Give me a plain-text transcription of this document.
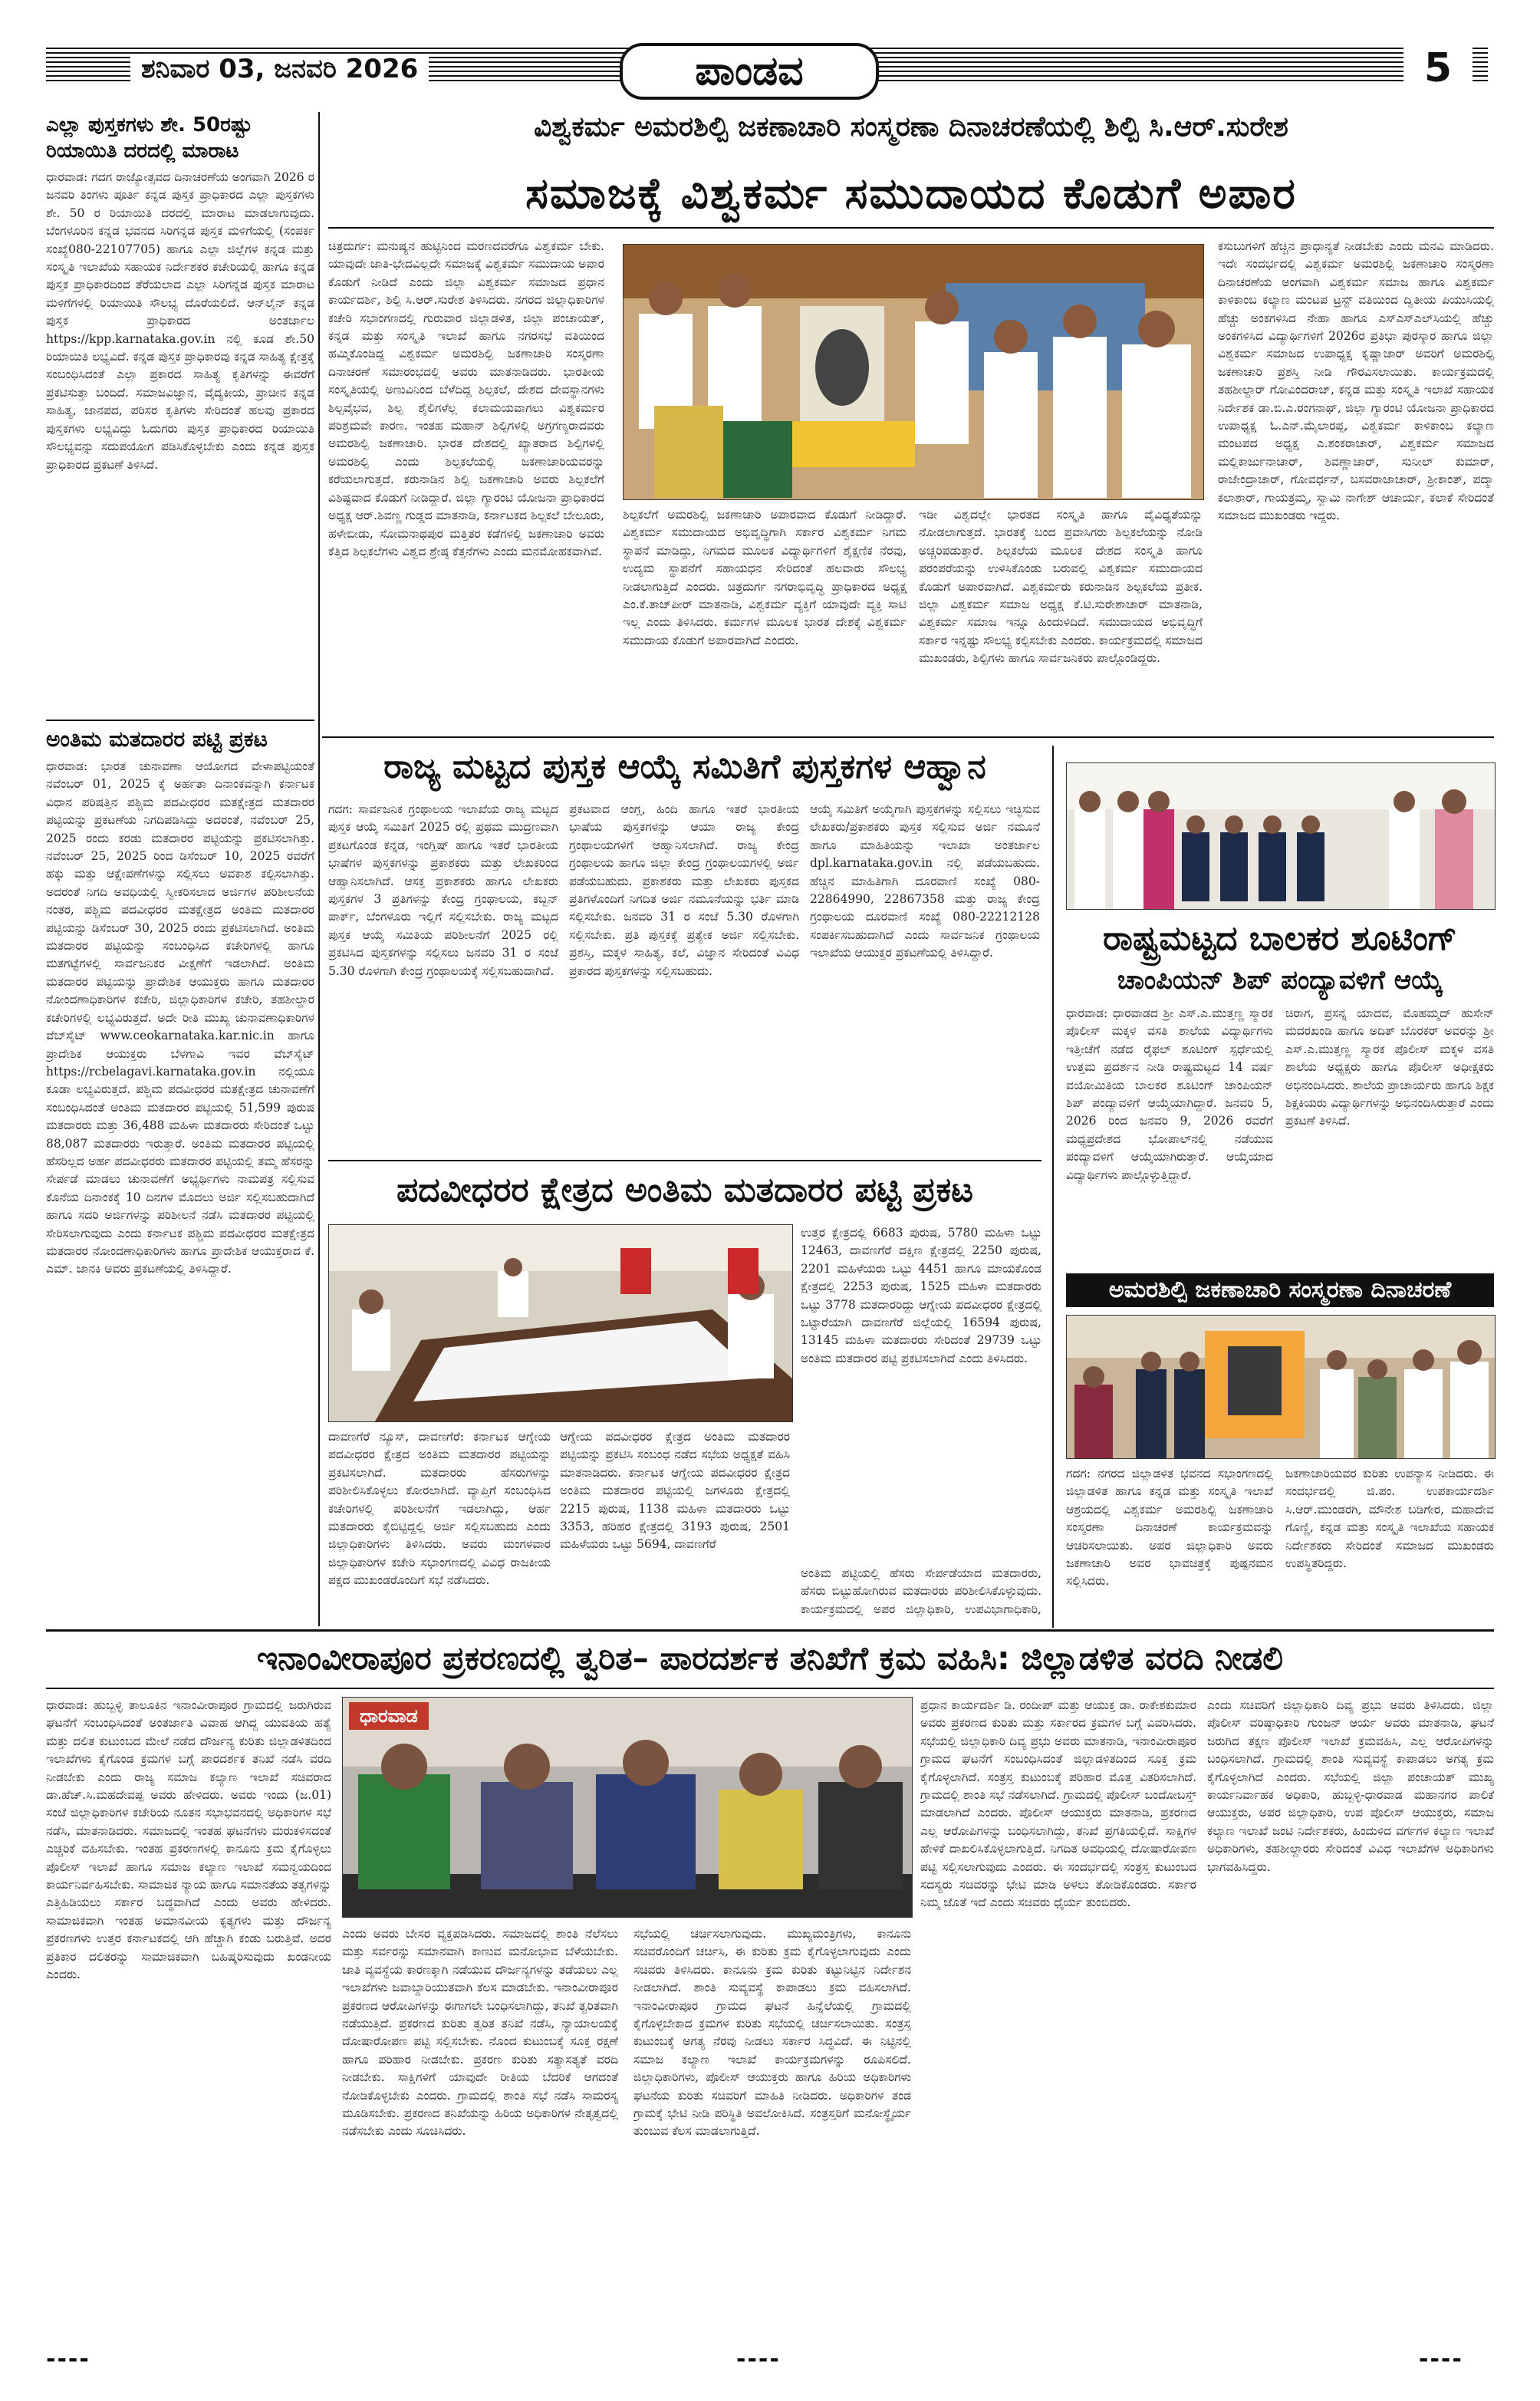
ಶನಿವಾರ 03, ಜನವರಿ 2026	ಪಾಂಡವ	5
ಎಲ್ಲಾ ಪುಸ್ತಕಗಳು ಶೇ. 50ರಷ್ಟು ರಿಯಾಯಿತಿ ದರದಲ್ಲಿ ಮಾರಾಟ
ಧಾರವಾಡ: ಗದಗ ರಾಜ್ಯೋತ್ಸವದ ದಿನಾಚರಣೆಯ ಅಂಗವಾಗಿ 2026 ರ ಜನವರಿ ತಿಂಗಳು ಪೂರ್ತಿ ಕನ್ನಡ ಪುಸ್ತಕ ಪ್ರಾಧಿಕಾರದ ಎಲ್ಲಾ ಪುಸ್ತಕಗಳು ಶೇ. 50 ರ ರಿಯಾಯಿತಿ ದರದಲ್ಲಿ ಮಾರಾಟ ಮಾಡಲಾಗುವುದು. ಬೆಂಗಳೂರಿನ ಕನ್ನಡ ಭವನದ ಸಿರಿಗನ್ನಡ ಪುಸ್ತಕ ಮಳಿಗೆಯಲ್ಲಿ (ಸಂಪರ್ಕ ಸಂಖ್ಯೆ080-22107705) ಹಾಗೂ ಎಲ್ಲಾ ಜಿಲ್ಲೆಗಳ ಕನ್ನಡ ಮತ್ತು ಸಂಸ್ಕೃತಿ ಇಲಾಖೆಯ ಸಹಾಯಕ ನಿರ್ದೇಶಕರ ಕಚೇರಿಯಲ್ಲಿ ಹಾಗೂ ಕನ್ನಡ ಪುಸ್ತಕ ಪ್ರಾಧಿಕಾರದಿಂದ ತೆರೆಯಲಾದ ಎಲ್ಲಾ ಸಿರಿಗನ್ನಡ ಪುಸ್ತಕ ಮಾರಾಟ ಮಳಿಗೆಗಳಲ್ಲಿ ರಿಯಾಯಿತಿ ಸೌಲಭ್ಯ ದೊರೆಯಲಿದೆ. ಆನ್‌ಲೈನ್ ಕನ್ನಡ ಪುಸ್ತಕ ಪ್ರಾಧಿಕಾರದ ಅಂತರ್ಜಾಲ https://kpp.karnataka.gov.in ನಲ್ಲಿ ಕೂಡ ಶೇ.50 ರಿಯಾಯಿತಿ ಲಭ್ಯವಿದೆ. ಕನ್ನಡ ಪುಸ್ತಕ ಪ್ರಾಧಿಕಾರವು ಕನ್ನಡ ಸಾಹಿತ್ಯ ಕ್ಷೇತ್ರಕ್ಕೆ ಸಂಬಂಧಿಸಿದಂತೆ ಎಲ್ಲಾ ಪ್ರಕಾರದ ಸಾಹಿತ್ಯ ಕೃತಿಗಳನ್ನು ಈವರೆಗೆ ಪ್ರಕಟಿಸುತ್ತಾ ಬಂದಿದೆ. ಸಮಾಜವಿಜ್ಞಾನ, ವೈದ್ಯಕೀಯ, ಪ್ರಾಚೀನ ಕನ್ನಡ ಸಾಹಿತ್ಯ, ಜಾನಪದ, ಪರಿಸರ ಕೃತಿಗಳು ಸೇರಿದಂತೆ ಹಲವು ಪ್ರಕಾರದ ಪುಸ್ತಕಗಳು ಲಭ್ಯವಿದ್ದು ಓದುಗರು ಪುಸ್ತಕ ಪ್ರಾಧಿಕಾರದ ರಿಯಾಯಿತಿ ಸೌಲಭ್ಯವನ್ನು ಸದುಪಯೋಗ ಪಡಿಸಿಕೊಳ್ಳಬೇಕು ಎಂದು ಕನ್ನಡ ಪುಸ್ತಕ ಪ್ರಾಧಿಕಾರದ ಪ್ರಕಟಣೆ ತಿಳಿಸಿದೆ.
ಅಂತಿಮ ಮತದಾರರ ಪಟ್ಟಿ ಪ್ರಕಟ
ಧಾರವಾಡ: ಭಾರತ ಚುನಾವಣಾ ಆಯೋಗದ ವೇಳಾಪಟ್ಟಿಯಂತೆ ನವೆಂಬರ್ 01, 2025 ಕ್ಕೆ ಅರ್ಹತಾ ದಿನಾಂಕವನ್ನಾಗಿ ಕರ್ನಾಟಕ ವಿಧಾನ ಪರಿಷತ್ತಿನ ಪಶ್ಚಿಮ ಪದವೀಧರರ ಮತಕ್ಷೇತ್ರದ ಮತದಾರರ ಪಟ್ಟಿಯನ್ನು ಪ್ರಕಟಣೆಯ ನಿಗದಿಪಡಿಸಿದ್ದು ಅದರಂತೆ, ನವೆಂಬರ್ 25, 2025 ರಂದು ಕರಡು ಮತದಾರರ ಪಟ್ಟಿಯನ್ನು ಪ್ರಕಟಿಸಲಾಗಿತ್ತು. ನವೆಂಬರ್ 25, 2025 ರಿಂದ ಡಿಸೆಂಬರ್ 10, 2025 ರವರೆಗೆ ಹಕ್ಕು ಮತ್ತು ಆಕ್ಷೇಪಣೆಗಳನ್ನು ಸಲ್ಲಿಸಲು ಅವಕಾಶ ಕಲ್ಪಿಸಲಾಗಿತ್ತು. ಅದರಂತೆ ನಿಗದಿ ಅವಧಿಯಲ್ಲಿ ಸ್ವೀಕರಿಸಲಾದ ಅರ್ಜಿಗಳ ಪರಿಶೀಲನೆಯ ನಂತರ, ಪಶ್ಚಿಮ ಪದವೀಧರರ ಮತಕ್ಷೇತ್ರದ ಅಂತಿಮ ಮತದಾರರ ಪಟ್ಟಿಯನ್ನು ಡಿಸೆಂಬರ್ 30, 2025 ರಂದು ಪ್ರಕಟಿಸಲಾಗಿದೆ. ಅಂತಿಮ ಮತದಾರರ ಪಟ್ಟಿಯನ್ನು ಸಂಬಂಧಿಸಿದ ಕಚೇರಿಗಳಲ್ಲಿ ಹಾಗೂ ಮತಗಟ್ಟೆಗಳಲ್ಲಿ ಸಾರ್ವಜನಿಕರ ವೀಕ್ಷಣೆಗೆ ಇಡಲಾಗಿದೆ. ಅಂತಿಮ ಮತದಾರರ ಪಟ್ಟಿಯನ್ನು ಪ್ರಾದೇಶಿಕ ಆಯುಕ್ತರು ಹಾಗೂ ಮತದಾರರ ನೋಂದಣಾಧಿಕಾರಿಗಳ ಕಚೇರಿ, ಜಿಲ್ಲಾಧಿಕಾರಿಗಳ ಕಚೇರಿ, ತಹಶೀಲ್ದಾರ ಕಚೇರಿಗಳಲ್ಲಿ ಲಭ್ಯವಿರುತ್ತದೆ. ಅದೇ ರೀತಿ ಮುಖ್ಯ ಚುನಾವಣಾಧಿಕಾರಿಗಳ ವೆಬ್‌ಸೈಟ್ www.ceokarnataka.kar.nic.in ಹಾಗೂ ಪ್ರಾದೇಶಿಕ ಆಯುಕ್ತರು ಬೆಳಗಾವಿ ಇವರ ವೆಬ್‌ಸೈಟ್ https://rcbelagavi.karnataka.gov.in ನಲ್ಲಿಯೂ ಕೂಡಾ ಲಭ್ಯವಿರುತ್ತದೆ. ಪಶ್ಚಿಮ ಪದವೀಧರರ ಮತಕ್ಷೇತ್ರದ ಚುನಾವಣೆಗೆ ಸಂಬಂಧಿಸಿದಂತೆ ಅಂತಿಮ ಮತದಾರರ ಪಟ್ಟಿಯಲ್ಲಿ 51,599 ಪುರುಷ ಮತದಾರರು ಮತ್ತು 36,488 ಮಹಿಳಾ ಮತದಾರರು ಸೇರಿದಂತೆ ಒಟ್ಟು 88,087 ಮತದಾರರು ಇರುತ್ತಾರೆ. ಅಂತಿಮ ಮತದಾರರ ಪಟ್ಟಿಯಲ್ಲಿ ಹೆಸರಿಲ್ಲದ ಅರ್ಹ ಪದವೀಧರರು ಮತದಾರರ ಪಟ್ಟಿಯಲ್ಲಿ ತಮ್ಮ ಹೆಸರನ್ನು ಸೇರ್ಪಡೆ ಮಾಡಲು ಚುನಾವಣೆಗೆ ಅಭ್ಯರ್ಥಿಗಳು ನಾಮಪತ್ರ ಸಲ್ಲಿಸುವ ಕೊನೆಯ ದಿನಾಂಕಕ್ಕೆ 10 ದಿನಗಳ ಮೊದಲು ಅರ್ಜಿ ಸಲ್ಲಿಸಬಹುದಾಗಿದೆ ಹಾಗೂ ಸದರಿ ಅರ್ಜಿಗಳನ್ನು ಪರಿಶೀಲನೆ ನಡೆಸಿ ಮತದಾರರ ಪಟ್ಟಿಯಲ್ಲಿ ಸೇರಿಸಲಾಗುವುದು ಎಂದು ಕರ್ನಾಟಕ ಪಶ್ಚಿಮ ಪದವೀಧರರ ಮತಕ್ಷೇತ್ರದ ಮತದಾರರ ನೋಂದಣಾಧಿಕಾರಿಗಳು ಹಾಗೂ ಪ್ರಾದೇಶಿಕ ಆಯುಕ್ತರಾದ ಕೆ. ಎಮ್. ಜಾನಕಿ ಅವರು ಪ್ರಕಟಣೆಯಲ್ಲಿ ತಿಳಿಸಿದ್ದಾರೆ.
ವಿಶ್ವಕರ್ಮ ಅಮರಶಿಲ್ಪಿ ಜಕಣಾಚಾರಿ ಸಂಸ್ಮರಣಾ ದಿನಾಚರಣೆಯಲ್ಲಿ ಶಿಲ್ಪಿ ಸಿ.ಆರ್.ಸುರೇಶ
ಸಮಾಜಕ್ಕೆ ವಿಶ್ವಕರ್ಮ ಸಮುದಾಯದ ಕೊಡುಗೆ ಅಪಾರ
ಚಿತ್ರದುರ್ಗ: ಮನುಷ್ಯನ ಹುಟ್ಟಿನಿಂದ ಮರಣದವರೆಗೂ ವಿಶ್ವಕರ್ಮ ಬೇಕು. ಯಾವುದೇ ಜಾತಿ-ಭೇದವಿಲ್ಲದೇ ಸಮಾಜಕ್ಕೆ ವಿಶ್ವಕರ್ಮ ಸಮುದಾಯ ಅಪಾರ ಕೊಡುಗೆ ನೀಡಿದೆ ಎಂದು ಜಿಲ್ಲಾ ವಿಶ್ವಕರ್ಮ ಸಮಾಜದ ಪ್ರಧಾನ ಕಾರ್ಯದರ್ಶಿ, ಶಿಲ್ಪಿ ಸಿ.ಆರ್.ಸುರೇಶ ತಿಳಿಸಿದರು. ನಗರದ ಜಿಲ್ಲಾಧಿಕಾರಿಗಳ ಕಚೇರಿ ಸಭಾಂಗಣದಲ್ಲಿ ಗುರುವಾರ ಜಿಲ್ಲಾಡಳಿತ, ಜಿಲ್ಲಾ ಪಂಚಾಯತ್, ಕನ್ನಡ ಮತ್ತು ಸಂಸ್ಕೃತಿ ಇಲಾಖೆ ಹಾಗೂ ನಗರಸಭೆ ವತಿಯಿಂದ ಹಮ್ಮಿಕೊಂಡಿದ್ದ ವಿಶ್ವಕರ್ಮ ಅಮರಶಿಲ್ಪಿ ಜಕಣಾಚಾರಿ ಸಂಸ್ಮರಣಾ ದಿನಾಚರಣೆ ಸಮಾರಂಭದಲ್ಲಿ ಅವರು ಮಾತನಾಡಿದರು. ಭಾರತೀಯ ಸಂಸ್ಕೃತಿಯಲ್ಲಿ ಅಣುವಿನಿಂದ ಬೆಳೆದಿದ್ದ ಶಿಲ್ಪಕಲೆ, ದೇಶದ ದೇವಸ್ಥಾನಗಳು ಶಿಲ್ಪವೈಭವ, ಶಿಲ್ಪ ಶೈಲಿಗಳೆಲ್ಲ ಕಲಾಮಯವಾಗಲು ವಿಶ್ವಕರ್ಮರ ಪರಿಶ್ರಮವೇ ಕಾರಣ. ಇಂತಹ ಮಹಾನ್ ಶಿಲ್ಪಿಗಳಲ್ಲಿ ಅಗ್ರಗಣ್ಯರಾದವರು ಅಮರಶಿಲ್ಪಿ ಜಕಣಾಚಾರಿ. ಭಾರತ ದೇಶದಲ್ಲಿ ಖ್ಯಾತರಾದ ಶಿಲ್ಪಿಗಳಲ್ಲಿ ಅಮರಶಿಲ್ಪಿ ಎಂದು ಶಿಲ್ಪಕಲೆಯಲ್ಲಿ ಜಕಣಾಚಾರಿಯವರನ್ನು ಕರೆಯಲಾಗುತ್ತದೆ. ಕರುನಾಡಿನ ಶಿಲ್ಪಿ ಜಕಣಾಚಾರಿ ಅವರು ಶಿಲ್ಪಕಲೆಗೆ ವಿಶಿಷ್ಟವಾದ ಕೊಡುಗೆ ನೀಡಿದ್ದಾರೆ. ಜಿಲ್ಲಾ ಗ್ಯಾರಂಟಿ ಯೋಜನಾ ಪ್ರಾಧಿಕಾರದ ಅಧ್ಯಕ್ಷ ಆರ್.ಶಿವಣ್ಣ ಗುಡ್ಡದ ಮಾತನಾಡಿ, ಕರ್ನಾಟಕದ ಶಿಲ್ಪಕಲೆ ಬೇಲೂರು, ಹಳೇಬೀಡು, ಸೋಮನಾಥಪುರ ಮತ್ತಿತರ ಕಡೆಗಳಲ್ಲಿ ಜಕಣಾಚಾರಿ ಅವರು ಕೆತ್ತಿದ ಶಿಲ್ಪಕಲೆಗಳು ವಿಶ್ವದ ಶ್ರೇಷ್ಠ ಕೆತ್ತನೆಗಳು ಎಂದು ಮನಮೋಹಕವಾಗಿವೆ.
ಶಿಲ್ಪಕಲೆಗೆ ಅಮರಶಿಲ್ಪಿ ಜಕಣಾಚಾರಿ ಅಪಾರವಾದ ಕೊಡುಗೆ ನೀಡಿದ್ದಾರೆ. ವಿಶ್ವಕರ್ಮ ಸಮುದಾಯದ ಅಭಿವೃದ್ಧಿಗಾಗಿ ಸರ್ಕಾರ ವಿಶ್ವಕರ್ಮ ನಿಗಮ ಸ್ಥಾಪನೆ ಮಾಡಿದ್ದು, ನಿಗಮದ ಮೂಲಕ ವಿದ್ಯಾರ್ಥಿಗಳಿಗೆ ಶೈಕ್ಷಣಿಕ ನೆರವು, ಉದ್ಯಮ ಸ್ಥಾಪನೆಗೆ ಸಹಾಯಧನ ಸೇರಿದಂತೆ ಹಲವಾರು ಸೌಲಭ್ಯ ನೀಡಲಾಗುತ್ತಿದೆ ಎಂದರು. ಚಿತ್ರದುರ್ಗ ನಗರಾಭಿವೃದ್ಧಿ ಪ್ರಾಧಿಕಾರದ ಅಧ್ಯಕ್ಷ ಎಂ.ಕೆ.ತಾಜ್‌ಪೀರ್ ಮಾತನಾಡಿ, ವಿಶ್ವಕರ್ಮ ವ್ಯಕ್ತಿಗೆ ಯಾವುದೇ ವ್ಯಕ್ತಿ ಸಾಟಿ ಇಲ್ಲ ಎಂದು ತಿಳಿಸಿದರು. ಕರ್ಮಗಳ ಮೂಲಕ ಭಾರತ ದೇಶಕ್ಕೆ ವಿಶ್ವಕರ್ಮ ಸಮುದಾಯ ಕೊಡುಗೆ ಅಪಾರವಾಗಿದೆ ಎಂದರು.
ಇಡೀ ವಿಶ್ವದಲ್ಲೇ ಭಾರತದ ಸಂಸ್ಕೃತಿ ಹಾಗೂ ವೈವಿಧ್ಯತೆಯನ್ನು ನೋಡಲಾಗುತ್ತದೆ. ಭಾರತಕ್ಕೆ ಬಂದ ಪ್ರವಾಸಿಗರು ಶಿಲ್ಪಕಲೆಯನ್ನು ನೋಡಿ ಅಚ್ಚರಿಪಡುತ್ತಾರೆ. ಶಿಲ್ಪಕಲೆಯ ಮೂಲಕ ದೇಶದ ಸಂಸ್ಕೃತಿ ಹಾಗೂ ಪರಂಪರೆಯನ್ನು ಉಳಿಸಿಕೊಂಡು ಬರುವಲ್ಲಿ ವಿಶ್ವಕರ್ಮ ಸಮುದಾಯದ ಕೊಡುಗೆ ಅಪಾರವಾಗಿದೆ. ವಿಶ್ವಕರ್ಮರು ಕರುನಾಡಿನ ಶಿಲ್ಪಕಲೆಯ ಪ್ರತೀಕ. ಜಿಲ್ಲಾ ವಿಶ್ವಕರ್ಮ ಸಮಾಜ ಅಧ್ಯಕ್ಷ ಕೆ.ಟಿ.ಸುರೇಶಾಚಾರ್ ಮಾತನಾಡಿ, ವಿಶ್ವಕರ್ಮ ಸಮಾಜ ಇನ್ನೂ ಹಿಂದುಳಿದಿದೆ. ಸಮುದಾಯದ ಅಭಿವೃದ್ಧಿಗೆ ಸರ್ಕಾರ ಇನ್ನಷ್ಟು ಸೌಲಭ್ಯ ಕಲ್ಪಿಸಬೇಕು ಎಂದರು. ಕಾರ್ಯಕ್ರಮದಲ್ಲಿ ಸಮಾಜದ ಮುಖಂಡರು, ಶಿಲ್ಪಿಗಳು ಹಾಗೂ ಸಾರ್ವಜನಿಕರು ಪಾಲ್ಗೊಂಡಿದ್ದರು.
ಕಸುಬುಗಳಿಗೆ ಹೆಚ್ಚಿನ ಪ್ರಾಧಾನ್ಯತೆ ನೀಡಬೇಕು ಎಂದು ಮನವಿ ಮಾಡಿದರು. ಇದೇ ಸಂದರ್ಭದಲ್ಲಿ ವಿಶ್ವಕರ್ಮ ಅಮರಶಿಲ್ಪಿ ಜಕಣಾಚಾರಿ ಸಂಸ್ಮರಣಾ ದಿನಾಚರಣೆಯ ಅಂಗವಾಗಿ ವಿಶ್ವಕರ್ಮ ಸಮಾಜ ಹಾಗೂ ವಿಶ್ವಕರ್ಮ ಕಾಳಿಕಾಂಬ ಕಲ್ಯಾಣ ಮಂಟಪ ಟ್ರಸ್ಟ್ ವತಿಯಿಂದ ದ್ವಿತೀಯ ಪಿಯುಸಿಯಲ್ಲಿ ಹೆಚ್ಚು ಅಂಕಗಳಿಸಿದ ನೇಹಾ ಹಾಗೂ ಎಸ್‌ಎಸ್‌ಎಲ್‌ಸಿಯಲ್ಲಿ ಹೆಚ್ಚು ಅಂಕಗಳಿಸಿದ ವಿದ್ಯಾರ್ಥಿಗಳಿಗೆ 2026ರ ಪ್ರತಿಭಾ ಪುರಸ್ಕಾರ ಹಾಗೂ ಜಿಲ್ಲಾ ವಿಶ್ವಕರ್ಮ ಸಮಾಜದ ಉಪಾಧ್ಯಕ್ಷ ಕೃಷ್ಣಾಚಾರ್ ಅವರಿಗೆ ಅಮರಶಿಲ್ಪಿ ಜಕಣಾಚಾರಿ ಪ್ರಶಸ್ತಿ ನೀಡಿ ಗೌರವಿಸಲಾಯಿತು. ಕಾರ್ಯಕ್ರಮದಲ್ಲಿ ತಹಶೀಲ್ದಾರ್ ಗೋವಿಂದರಾಜ್, ಕನ್ನಡ ಮತ್ತು ಸಂಸ್ಕೃತಿ ಇಲಾಖೆ ಸಹಾಯಕ ನಿರ್ದೇಶಕ ಡಾ.ಬಿ.ಎ.ರಂಗನಾಥ್, ಜಿಲ್ಲಾ ಗ್ಯಾರಂಟಿ ಯೋಜನಾ ಪ್ರಾಧಿಕಾರದ ಉಪಾಧ್ಯಕ್ಷ ಓ.ಎನ್.ಮೈಲಾರಪ್ಪ, ವಿಶ್ವಕರ್ಮ ಕಾಳಿಕಾಂಬ ಕಲ್ಯಾಣ ಮಂಟಪದ ಅಧ್ಯಕ್ಷ ಎ.ಶಂಕರಾಚಾರ್, ವಿಶ್ವಕರ್ಮ ಸಮಾಜದ ಮಲ್ಲಿಕಾರ್ಜುನಾಚಾರ್, ಶಿವಣ್ಣಾಚಾರ್, ಸುನೀಲ್ ಕುಮಾರ್, ರಾಜೇಂದ್ರಾಚಾರ್, ಗೋವರ್ಧನ್, ಬಸವರಾಜಾಚಾರ್, ಶ್ರೀಕಾಂತ್, ಪದ್ಮಾ ಕಲಾಶಾರ್, ಗಾಯತ್ರಮ್ಮ, ಸ್ವಾಮಿ ನಾಗೇಶ್ ಆಚಾರ್ಯ, ಕಲಾಕೆ ಸೇರಿದಂತೆ ಸಮಾಜದ ಮುಖಂಡರು ಇದ್ದರು.
ರಾಜ್ಯ ಮಟ್ಟದ ಪುಸ್ತಕ ಆಯ್ಕೆ ಸಮಿತಿಗೆ ಪುಸ್ತಕಗಳ ಆಹ್ವಾನ
ಗದಗ: ಸಾರ್ವಜನಿಕ ಗ್ರಂಥಾಲಯ ಇಲಾಖೆಯ ರಾಜ್ಯ ಮಟ್ಟದ ಪುಸ್ತಕ ಆಯ್ಕೆ ಸಮಿತಿಗೆ 2025 ರಲ್ಲಿ ಪ್ರಥಮ ಮುದ್ರಣವಾಗಿ ಪ್ರಕಟಗೊಂಡ ಕನ್ನಡ, ಇಂಗ್ಲಿಷ್ ಹಾಗೂ ಇತರೆ ಭಾರತೀಯ ಭಾಷೆಗಳ ಪುಸ್ತಕಗಳನ್ನು ಪ್ರಕಾಶಕರು ಮತ್ತು ಲೇಖಕರಿಂದ ಆಹ್ವಾನಿಸಲಾಗಿದೆ. ಆಸಕ್ತ ಪ್ರಕಾಶಕರು ಹಾಗೂ ಲೇಖಕರು ಪುಸ್ತಕಗಳ 3 ಪ್ರತಿಗಳನ್ನು ಕೇಂದ್ರ ಗ್ರಂಥಾಲಯ, ಕಬ್ಬನ್ ಪಾರ್ಕ್, ಬೆಂಗಳೂರು ಇಲ್ಲಿಗೆ ಸಲ್ಲಿಸಬೇಕು. ರಾಜ್ಯ ಮಟ್ಟದ ಪುಸ್ತಕ ಆಯ್ಕೆ ಸಮಿತಿಯ ಪರಿಶೀಲನೆಗೆ 2025 ರಲ್ಲಿ ಪ್ರಕಟಿಸಿದ ಪುಸ್ತಕಗಳನ್ನು ಸಲ್ಲಿಸಲು ಜನವರಿ 31 ರ ಸಂಜೆ 5.30 ರೊಳಗಾಗಿ ಕೇಂದ್ರ ಗ್ರಂಥಾಲಯಕ್ಕೆ ಸಲ್ಲಿಸಬಹುದಾಗಿದೆ.
ಪ್ರಕಟವಾದ ಆಂಗ್ಲ, ಹಿಂದಿ ಹಾಗೂ ಇತರೆ ಭಾರತೀಯ ಭಾಷೆಯ ಪುಸ್ತಕಗಳನ್ನು ಆಯಾ ರಾಜ್ಯ ಕೇಂದ್ರ ಗ್ರಂಥಾಲಯಗಳಿಗೆ ಆಹ್ವಾನಿಸಲಾಗಿದೆ. ರಾಜ್ಯ ಕೇಂದ್ರ ಗ್ರಂಥಾಲಯ ಹಾಗೂ ಜಿಲ್ಲಾ ಕೇಂದ್ರ ಗ್ರಂಥಾಲಯಗಳಲ್ಲಿ ಅರ್ಜಿ ಪಡೆಯಬಹುದು. ಪ್ರಕಾಶಕರು ಮತ್ತು ಲೇಖಕರು ಪುಸ್ತಕದ ಪ್ರತಿಗಳೊಂದಿಗೆ ನಿಗದಿತ ಅರ್ಜಿ ನಮೂನೆಯನ್ನು ಭರ್ತಿ ಮಾಡಿ ಸಲ್ಲಿಸಬೇಕು. ಜನವರಿ 31 ರ ಸಂಜೆ 5.30 ರೊಳಗಾಗಿ ಸಲ್ಲಿಸಬೇಕು. ಪ್ರತಿ ಪುಸ್ತಕಕ್ಕೆ ಪ್ರತ್ಯೇಕ ಅರ್ಜಿ ಸಲ್ಲಿಸಬೇಕು. ಪ್ರಶಸ್ತಿ, ಮಕ್ಕಳ ಸಾಹಿತ್ಯ, ಕಲೆ, ವಿಜ್ಞಾನ ಸೇರಿದಂತೆ ವಿವಿಧ ಪ್ರಕಾರದ ಪುಸ್ತಕಗಳನ್ನು ಸಲ್ಲಿಸಬಹುದು.
ಆಯ್ಕೆ ಸಮಿತಿಗೆ ಅಯ್ಕೆಗಾಗಿ ಪುಸ್ತಕಗಳನ್ನು ಸಲ್ಲಿಸಲು ಇಚ್ಛಿಸುವ ಲೇಖಕರು/ಪ್ರಕಾಶಕರು ಪುಸ್ತಕ ಸಲ್ಲಿಸುವ ಅರ್ಜಿ ನಮೂನೆ ಹಾಗೂ ಮಾಹಿತಿಯನ್ನು ಇಲಾಖಾ ಅಂತರ್ಜಾಲ dpl.karnataka.gov.in ನಲ್ಲಿ ಪಡೆಯಬಹುದು. ಹೆಚ್ಚಿನ ಮಾಹಿತಿಗಾಗಿ ದೂರವಾಣಿ ಸಂಖ್ಯೆ 080-22864990, 22867358 ಮತ್ತು ರಾಜ್ಯ ಕೇಂದ್ರ ಗ್ರಂಥಾಲಯ ದೂರವಾಣಿ ಸಂಖ್ಯೆ 080-22212128 ಸಂಪರ್ಕಿಸಬಹುದಾಗಿದೆ ಎಂದು ಸಾರ್ವಜನಿಕ ಗ್ರಂಥಾಲಯ ಇಲಾಖೆಯ ಆಯುಕ್ತರ ಪ್ರಕಟಣೆಯಲ್ಲಿ ತಿಳಿಸಿದ್ದಾರೆ.
ಪದವೀಧರರ ಕ್ಷೇತ್ರದ ಅಂತಿಮ ಮತದಾರರ ಪಟ್ಟಿ ಪ್ರಕಟ
ಉತ್ತರ ಕ್ಷೇತ್ರದಲ್ಲಿ 6683 ಪುರುಷ, 5780 ಮಹಿಳಾ ಒಟ್ಟು 12463, ದಾವಣಗೆರೆ ದಕ್ಷಿಣ ಕ್ಷೇತ್ರದಲ್ಲಿ 2250 ಪುರುಷ, 2201 ಮಹಿಳೆಯರು ಒಟ್ಟು 4451 ಹಾಗೂ ಮಾಯಕೊಂಡ ಕ್ಷೇತ್ರದಲ್ಲಿ 2253 ಪುರುಷ, 1525 ಮಹಿಳಾ ಮತದಾರರು ಒಟ್ಟು 3778 ಮತದಾರರಿದ್ದು ಆಗ್ನೇಯ ಪದವೀಧರರ ಕ್ಷೇತ್ರದಲ್ಲಿ ಒಟ್ಟಾರೆಯಾಗಿ ದಾವಣಗೆರೆ ಜಿಲ್ಲೆಯಲ್ಲಿ 16594 ಪುರುಷ, 13145 ಮಹಿಳಾ ಮತದಾರರು ಸೇರಿದಂತೆ 29739 ಒಟ್ಟು ಅಂತಿಮ ಮತದಾರರ ಪಟ್ಟಿ ಪ್ರಕಟಿಸಲಾಗಿದೆ ಎಂದು ತಿಳಿಸಿದರು.
ದಾವಣಗೆರೆ ನ್ಯೂಸ್, ದಾವಣಗೆರೆ: ಕರ್ನಾಟಕ ಆಗ್ನೇಯ ಪದವೀಧರರ ಕ್ಷೇತ್ರದ ಅಂತಿಮ ಮತದಾರರ ಪಟ್ಟಿಯನ್ನು ಪ್ರಕಟಿಸಲಾಗಿದೆ. ಮತದಾರರು ಹೆಸರುಗಳನ್ನು ಪರಿಶೀಲಿಸಿಕೊಳ್ಳಲು ಕೋರಲಾಗಿದೆ. ವ್ಯಾಪ್ತಿಗೆ ಸಂಬಂಧಿಸಿದ ಕಚೇರಿಗಳಲ್ಲಿ ಪರಿಶೀಲನೆಗೆ ಇಡಲಾಗಿದ್ದು, ಆರ್ಹ ಮತದಾರರು ಕೈಬಿಟ್ಟಿದ್ದಲ್ಲಿ ಅರ್ಜಿ ಸಲ್ಲಿಸಬಹುದು ಎಂದು ಜಿಲ್ಲಾಧಿಕಾರಿಗಳು ತಿಳಿಸಿದರು. ಅವರು ಮಂಗಳವಾರ ಜಿಲ್ಲಾಧಿಕಾರಿಗಳ ಕಚೇರಿ ಸಭಾಂಗಣದಲ್ಲಿ ವಿವಿಧ ರಾಜಕೀಯ ಪಕ್ಷದ ಮುಖಂಡರೊಂದಿಗೆ ಸಭೆ ನಡೆಸಿದರು.
ಆಗ್ನೇಯ ಪದವೀಧರರ ಕ್ಷೇತ್ರದ ಅಂತಿಮ ಮತದಾರರ ಪಟ್ಟಿಯನ್ನು ಪ್ರಕಟಿಸಿ ಸಂಬಂಧ ನಡೆದ ಸಭೆಯ ಅಧ್ಯಕ್ಷತೆ ವಹಿಸಿ ಮಾತನಾಡಿದರು. ಕರ್ನಾಟಕ ಆಗ್ನೇಯ ಪದವೀಧರರ ಕ್ಷೇತ್ರದ ಅಂತಿಮ ಮತದಾರರ ಪಟ್ಟಿಯಲ್ಲಿ ಜಗಳೂರು ಕ್ಷೇತ್ರದಲ್ಲಿ 2215 ಪುರುಷ, 1138 ಮಹಿಳಾ ಮತದಾರರು ಒಟ್ಟು 3353, ಹರಿಹರ ಕ್ಷೇತ್ರದಲ್ಲಿ 3193 ಪುರುಷ, 2501 ಮಹಿಳೆಯರು ಒಟ್ಟು 5694, ದಾವಣಗೆರೆ
ಅಂತಿಮ ಪಟ್ಟಿಯಲ್ಲಿ ಹೆಸರು ಸೇರ್ಪಡೆಯಾದ ಮತದಾರರು, ಹೆಸರು ಬಿಟ್ಟುಹೋಗಿರುವ ಮತದಾರರು ಪರಿಶೀಲಿಸಿಕೊಳ್ಳುವುದು. ಕಾರ್ಯಕ್ರಮದಲ್ಲಿ ಅಪರ ಜಿಲ್ಲಾಧಿಕಾರಿ, ಉಪವಿಭಾಗಾಧಿಕಾರಿ,
ರಾಷ್ಟ್ರಮಟ್ಟದ ಬಾಲಕರ ಶೂಟಿಂಗ್
ಚಾಂಪಿಯನ್ ಶಿಪ್ ಪಂದ್ಯಾವಳಿಗೆ ಆಯ್ಕೆ
ಧಾರವಾಡ: ಧಾರವಾಡದ ಶ್ರೀ ಎಸ್.ಎ.ಮುತ್ತಣ್ಣ ಸ್ಮಾರಕ ಪೊಲೀಸ್ ಮಕ್ಕಳ ವಸತಿ ಶಾಲೆಯ ವಿದ್ಯಾರ್ಥಿಗಳು ಇತ್ತೀಚೆಗೆ ನಡೆದ ರೈಫಲ್ ಶೂಟಿಂಗ್ ಸ್ಪರ್ಧೆಯಲ್ಲಿ ಉತ್ತಮ ಪ್ರದರ್ಶನ ನೀಡಿ ರಾಷ್ಟ್ರಮಟ್ಟದ 14 ವರ್ಷ ವಯೋಮಿತಿಯ ಬಾಲಕರ ಶೂಟಿಂಗ್ ಚಾಂಪಿಯನ್ ಶಿಪ್ ಪಂದ್ಯಾವಳಿಗೆ ಆಯ್ಕೆಯಾಗಿದ್ದಾರೆ. ಜನವರಿ 5, 2026 ರಿಂದ ಜನವರಿ 9, 2026 ರವರೆಗೆ ಮಧ್ಯಪ್ರದೇಶದ ಭೋಪಾಲ್‌ನಲ್ಲಿ ನಡೆಯುವ ಪಂದ್ಯಾವಳಿಗೆ ಆಯ್ಕೆಯಾಗಿರುತ್ತಾರೆ. ಆಯ್ಕೆಯಾದ ವಿದ್ಯಾರ್ಥಿಗಳು ಪಾಲ್ಗೊಳ್ಳುತ್ತಿದ್ದಾರೆ.
ಚಿರಾಗ, ಪ್ರಸನ್ನ ಯಾದವ, ಮೊಹಮ್ಮದ್ ಹುಸೇನ್ ಮದರಖಂಡಿ ಹಾಗೂ ಅದಿತ್ ಬೊರಕರ್ ಅವರನ್ನು ಶ್ರೀ ಎಸ್.ಎ.ಮುತ್ತಣ್ಣ ಸ್ಮಾರಕ ಪೊಲೀಸ್ ಮಕ್ಕಳ ವಸತಿ ಶಾಲೆಯ ಅಧ್ಯಕ್ಷರು ಹಾಗೂ ಪೊಲೀಸ್ ಅಧೀಕ್ಷಕರು ಅಭಿನಂದಿಸಿದರು. ಶಾಲೆಯ ಪ್ರಾಚಾರ್ಯರು ಹಾಗೂ ಶಿಕ್ಷಕ ಶಿಕ್ಷಕಿಯರು ವಿದ್ಯಾರ್ಥಿಗಳನ್ನು ಅಭಿನಂದಿಸಿರುತ್ತಾರೆ ಎಂದು ಪ್ರಕಟಣೆ ತಿಳಿಸಿದೆ.
ಅಮರಶಿಲ್ಪಿ ಜಕಣಾಚಾರಿ ಸಂಸ್ಮರಣಾ ದಿನಾಚರಣೆ
ಗದಗ: ನಗರದ ಜಿಲ್ಲಾಡಳಿತ ಭವನದ ಸಭಾಂಗಣದಲ್ಲಿ ಜಿಲ್ಲಾಡಳಿತ ಹಾಗೂ ಕನ್ನಡ ಮತ್ತು ಸಂಸ್ಕೃತಿ ಇಲಾಖೆ ಆಶ್ರಯದಲ್ಲಿ ವಿಶ್ವಕರ್ಮ ಅಮರಶಿಲ್ಪಿ ಜಕಣಾಚಾರಿ ಸಂಸ್ಮರಣಾ ದಿನಾಚರಣೆ ಕಾರ್ಯಕ್ರಮವನ್ನು ಆಚರಿಸಲಾಯಿತು. ಅಪರ ಜಿಲ್ಲಾಧಿಕಾರಿ ಅವರು ಜಕಣಾಚಾರಿ ಅವರ ಭಾವಚಿತ್ರಕ್ಕೆ ಪುಷ್ಪನಮನ ಸಲ್ಲಿಸಿದರು.
ಜಕಣಾಚಾರಿಯವರ ಕುರಿತು ಉಪನ್ಯಾಸ ನೀಡಿದರು. ಈ ಸಂದರ್ಭದಲ್ಲಿ ಜಿ.ಪಂ. ಉಪಕಾರ್ಯದರ್ಶಿ ಸಿ.ಆರ್.ಮುಂಡರಗಿ, ಮೌನೇಶ ಬಡಿಗೇರ, ಮಹಾದೇವ ಗೊಣ್ಣಿ, ಕನ್ನಡ ಮತ್ತು ಸಂಸ್ಕೃತಿ ಇಲಾಖೆಯ ಸಹಾಯಕ ನಿರ್ದೇಶಕರು ಸೇರಿದಂತೆ ಸಮಾಜದ ಮುಖಂಡರು ಉಪಸ್ಥಿತರಿದ್ದರು.
ಇನಾಂವೀರಾಪೂರ ಪ್ರಕರಣದಲ್ಲಿ ತ್ವರಿತ– ಪಾರದರ್ಶಕ ತನಿಖೆಗೆ ಕ್ರಮ ವಹಿಸಿ: ಜಿಲ್ಲಾಡಳಿತ ವರದಿ ನೀಡಲಿ
ಧಾರವಾಡ: ಹುಬ್ಬಳ್ಳಿ ತಾಲೂಕಿನ ಇನಾಂವೀರಾಪೂರ ಗ್ರಾಮದಲ್ಲಿ ಜರುಗಿರುವ ಘಟನೆಗೆ ಸಂಬಂಧಿಸಿದಂತೆ ಅಂತರ್ಜಾತಿ ವಿವಾಹ ಆಗಿದ್ದ ಯುವತಿಯ ಹತ್ಯೆ ಮತ್ತು ದಲಿತ ಕುಟುಂಬದ ಮೇಲೆ ನಡೆದ ದೌರ್ಜನ್ಯ ಕುರಿತು ಜಿಲ್ಲಾಡಳಿತದಿಂದ ಇಲಾಖೆಗಳು ಕೈಗೊಂಡ ಕ್ರಮಗಳ ಬಗ್ಗೆ ಪಾರದರ್ಶಕ ತನಿಖೆ ನಡೆಸಿ ವರದಿ ನೀಡಬೇಕು ಎಂದು ರಾಜ್ಯ ಸಮಾಜ ಕಲ್ಯಾಣ ಇಲಾಖೆ ಸಚಿವರಾದ ಡಾ.ಹೆಚ್.ಸಿ.ಮಹದೇವಪ್ಪ ಅವರು ಹೇಳಿದರು. ಅವರು ಇಂದು (ಜ.01) ಸಂಜೆ ಜಿಲ್ಲಾಧಿಕಾರಿಗಳ ಕಚೇರಿಯ ನೂತನ ಸಭಾಭವನದಲ್ಲಿ ಅಧಿಕಾರಿಗಳ ಸಭೆ ನಡೆಸಿ, ಮಾತನಾಡಿದರು. ಸಮಾಜದಲ್ಲಿ ಇಂತಹ ಘಟನೆಗಳು ಮರುಕಳಿಸದಂತೆ ಎಚ್ಚರಿಕೆ ವಹಿಸಬೇಕು. ಇಂತಹ ಪ್ರಕರಣಗಳಲ್ಲಿ ಕಾನೂನು ಕ್ರಮ ಕೈಗೊಳ್ಳಲು ಪೊಲೀಸ್ ಇಲಾಖೆ ಹಾಗೂ ಸಮಾಜ ಕಲ್ಯಾಣ ಇಲಾಖೆ ಸಮನ್ವಯದಿಂದ ಕಾರ್ಯನಿರ್ವಹಿಸಬೇಕು. ಸಾಮಾಜಿಕ ನ್ಯಾಯ ಹಾಗೂ ಸಮಾನತೆಯ ತತ್ವಗಳನ್ನು ಎತ್ತಿಹಿಡಿಯಲು ಸರ್ಕಾರ ಬದ್ಧವಾಗಿದೆ ಎಂದು ಅವರು ಹೇಳಿದರು. ಸಾಮಾಜಿಕವಾಗಿ ಇಂತಹ ಅಮಾನವೀಯ ಕೃತ್ಯಗಳು ಮತ್ತು ದೌರ್ಜನ್ಯ ಪ್ರಕರಣಗಳು ಉತ್ತರ ಕರ್ನಾಟಕದಲ್ಲಿ ಆಗಿ ಹೆಚ್ಚಾಗಿ ಕಂಡು ಬರುತ್ತಿವೆ. ಅದರ ಪ್ರತಿಕಾರ ದಲಿತರನ್ನು ಸಾಮಾಜಿಕವಾಗಿ ಬಹಿಷ್ಕರಿಸುವುದು ಖಂಡನೀಯ ಎಂದರು.
ಧಾರವಾಡ
ಎಂದು ಅವರು ಬೇಸರ ವ್ಯಕ್ತಪಡಿಸಿದರು. ಸಮಾಜದಲ್ಲಿ ಶಾಂತಿ ನೆಲೆಸಲು ಮತ್ತು ಸರ್ವರನ್ನು ಸಮಾನವಾಗಿ ಕಾಣುವ ಮನೋಭಾವ ಬೆಳೆಯಬೇಕು. ಜಾತಿ ವ್ಯವಸ್ಥೆಯ ಕಾರಣಕ್ಕಾಗಿ ನಡೆಯುವ ದೌರ್ಜನ್ಯಗಳನ್ನು ತಡೆಯಲು ಎಲ್ಲ ಇಲಾಖೆಗಳು ಜವಾಬ್ದಾರಿಯುತವಾಗಿ ಕೆಲಸ ಮಾಡಬೇಕು. ಇನಾಂವೀರಾಪೂರ ಪ್ರಕರಣದ ಆರೋಪಿಗಳನ್ನು ಈಗಾಗಲೇ ಬಂಧಿಸಲಾಗಿದ್ದು, ತನಿಖೆ ತ್ವರಿತವಾಗಿ ನಡೆಯುತ್ತಿದೆ. ಪ್ರಕರಣದ ಕುರಿತು ತ್ವರಿತ ತನಿಖೆ ನಡೆಸಿ, ನ್ಯಾಯಾಲಯಕ್ಕೆ ದೋಷಾರೋಪಣ ಪಟ್ಟಿ ಸಲ್ಲಿಸಬೇಕು. ನೊಂದ ಕುಟುಂಬಕ್ಕೆ ಸೂಕ್ತ ರಕ್ಷಣೆ ಹಾಗೂ ಪರಿಹಾರ ನೀಡಬೇಕು. ಪ್ರಕರಣ ಕುರಿತು ಸತ್ಯಾಸತ್ಯತೆ ವರದಿ ನೀಡಬೇಕು. ಸಾಕ್ಷಿಗಳಿಗೆ ಯಾವುದೇ ರೀತಿಯ ಬೆದರಿಕೆ ಆಗದಂತೆ ನೋಡಿಕೊಳ್ಳಬೇಕು ಎಂದರು. ಗ್ರಾಮದಲ್ಲಿ ಶಾಂತಿ ಸಭೆ ನಡೆಸಿ ಸಾಮರಸ್ಯ ಮೂಡಿಸಬೇಕು. ಪ್ರಕರಣದ ತನಿಖೆಯನ್ನು ಹಿರಿಯ ಅಧಿಕಾರಿಗಳ ನೇತೃತ್ವದಲ್ಲಿ ನಡೆಸಬೇಕು ಎಂದು ಸೂಚಿಸಿದರು.
ಸಭೆಯಲ್ಲಿ ಚರ್ಚಿಸಲಾಗುವುದು. ಮುಖ್ಯಮಂತ್ರಿಗಳು, ಕಾನೂನು ಸಚಿವರೊಂದಿಗೆ ಚರ್ಚಿಸಿ, ಈ ಕುರಿತು ಕ್ರಮ ಕೈಗೊಳ್ಳಲಾಗುವುದು ಎಂದು ಸಚಿವರು ತಿಳಿಸಿದರು. ಕಾನೂನು ಕ್ರಮ ಕುರಿತು ಕಟ್ಟುನಿಟ್ಟಿನ ನಿರ್ದೇಶನ ನೀಡಲಾಗಿದೆ. ಶಾಂತಿ ಸುವ್ಯವಸ್ಥೆ ಕಾಪಾಡಲು ಕ್ರಮ ವಹಿಸಲಾಗಿದೆ. ಇನಾಂವೀರಾಪೂರ ಗ್ರಾಮದ ಘಟನೆ ಹಿನ್ನೆಲೆಯಲ್ಲಿ ಗ್ರಾಮದಲ್ಲಿ ಕೈಗೊಳ್ಳಬೇಕಾದ ಕ್ರಮಗಳ ಕುರಿತು ಸಭೆಯಲ್ಲಿ ಚರ್ಚಿಸಲಾಯಿತು. ಸಂತ್ರಸ್ತ ಕುಟುಂಬಕ್ಕೆ ಅಗತ್ಯ ನೆರವು ನೀಡಲು ಸರ್ಕಾರ ಸಿದ್ಧವಿದೆ. ಈ ನಿಟ್ಟಿನಲ್ಲಿ ಸಮಾಜ ಕಲ್ಯಾಣ ಇಲಾಖೆ ಕಾರ್ಯಕ್ರಮಗಳನ್ನು ರೂಪಿಸಲಿದೆ. ಜಿಲ್ಲಾಧಿಕಾರಿಗಳು, ಪೊಲೀಸ್ ಆಯುಕ್ತರು ಹಾಗೂ ಹಿರಿಯ ಅಧಿಕಾರಿಗಳು ಘಟನೆಯ ಕುರಿತು ಸಚಿವರಿಗೆ ಮಾಹಿತಿ ನೀಡಿದರು. ಅಧಿಕಾರಿಗಳ ತಂಡ ಗ್ರಾಮಕ್ಕೆ ಭೇಟಿ ನೀಡಿ ಪರಿಸ್ಥಿತಿ ಅವಲೋಕಿಸಿದೆ. ಸಂತ್ರಸ್ತರಿಗೆ ಮನೋಸ್ಥೈರ್ಯ ತುಂಬುವ ಕೆಲಸ ಮಾಡಲಾಗುತ್ತಿದೆ.
ಪ್ರಧಾನ ಕಾರ್ಯದರ್ಶಿ ಡಿ. ರಂದೀಪ್ ಮತ್ತು ಆಯುಕ್ತ ಡಾ. ರಾಕೇಶಕುಮಾರ ಅವರು ಪ್ರಕರಣದ ಕುರಿತು ಮತ್ತು ಸರ್ಕಾರದ ಕ್ರಮಗಳ ಬಗ್ಗೆ ವಿವರಿಸಿದರು. ಸಭೆಯಲ್ಲಿ ಜಿಲ್ಲಾಧಿಕಾರಿ ದಿವ್ಯ ಪ್ರಭು ಅವರು ಮಾತನಾಡಿ, ಇನಾಂವೀರಾಪೂರ ಗ್ರಾಮದ ಘಟನೆಗೆ ಸಂಬಂಧಿಸಿದಂತೆ ಜಿಲ್ಲಾಡಳಿತದಿಂದ ಸೂಕ್ತ ಕ್ರಮ ಕೈಗೊಳ್ಳಲಾಗಿದೆ. ಸಂತ್ರಸ್ತ ಕುಟುಂಬಕ್ಕೆ ಪರಿಹಾರ ಮೊತ್ತ ವಿತರಿಸಲಾಗಿದೆ. ಗ್ರಾಮದಲ್ಲಿ ಶಾಂತಿ ಸಭೆ ನಡೆಸಲಾಗಿದೆ. ಗ್ರಾಮದಲ್ಲಿ ಪೊಲೀಸ್ ಬಂದೋಬಸ್ತ್ ಮಾಡಲಾಗಿದೆ ಎಂದರು. ಪೊಲೀಸ್ ಆಯುಕ್ತರು ಮಾತನಾಡಿ, ಪ್ರಕರಣದ ಎಲ್ಲ ಆರೋಪಿಗಳನ್ನು ಬಂಧಿಸಲಾಗಿದ್ದು, ತನಿಖೆ ಪ್ರಗತಿಯಲ್ಲಿದೆ. ಸಾಕ್ಷಿಗಳ ಹೇಳಿಕೆ ದಾಖಲಿಸಿಕೊಳ್ಳಲಾಗುತ್ತಿದೆ. ನಿಗದಿತ ಅವಧಿಯಲ್ಲಿ ದೋಷಾರೋಪಣ ಪಟ್ಟಿ ಸಲ್ಲಿಸಲಾಗುವುದು ಎಂದರು. ಈ ಸಂದರ್ಭದಲ್ಲಿ ಸಂತ್ರಸ್ತ ಕುಟುಂಬದ ಸದಸ್ಯರು ಸಚಿವರನ್ನು ಭೇಟಿ ಮಾಡಿ ಅಳಲು ತೋಡಿಕೊಂಡರು. ಸರ್ಕಾರ ನಿಮ್ಮ ಜೊತೆ ಇದೆ ಎಂದು ಸಚಿವರು ಧೈರ್ಯ ತುಂಬಿದರು.
ಎಂದು ಸಚಿವರಿಗೆ ಜಿಲ್ಲಾಧಿಕಾರಿ ದಿವ್ಯ ಪ್ರಭು ಅವರು ತಿಳಿಸಿದರು. ಜಿಲ್ಲಾ ಪೊಲೀಸ್ ವರಿಷ್ಠಾಧಿಕಾರಿ ಗುಂಜನ್ ಆರ್ಯ ಅವರು ಮಾತನಾಡಿ, ಘಟನೆ ಜರುಗಿದ ತಕ್ಷಣ ಪೊಲೀಸ್ ಇಲಾಖೆ ಕ್ರಮವಹಿಸಿ, ಎಲ್ಲ ಆರೋಪಿಗಳನ್ನು ಬಂಧಿಸಲಾಗಿದೆ. ಗ್ರಾಮದಲ್ಲಿ ಶಾಂತಿ ಸುವ್ಯವಸ್ಥೆ ಕಾಪಾಡಲು ಅಗತ್ಯ ಕ್ರಮ ಕೈಗೊಳ್ಳಲಾಗಿದೆ ಎಂದರು. ಸಭೆಯಲ್ಲಿ ಜಿಲ್ಲಾ ಪಂಚಾಯತ್ ಮುಖ್ಯ ಕಾರ್ಯನಿರ್ವಾಹಕ ಅಧಿಕಾರಿ, ಹುಬ್ಬಳ್ಳಿ-ಧಾರವಾಡ ಮಹಾನಗರ ಪಾಲಿಕೆ ಆಯುಕ್ತರು, ಅಪರ ಜಿಲ್ಲಾಧಿಕಾರಿ, ಉಪ ಪೊಲೀಸ್ ಆಯುಕ್ತರು, ಸಮಾಜ ಕಲ್ಯಾಣ ಇಲಾಖೆ ಜಂಟಿ ನಿರ್ದೇಶಕರು, ಹಿಂದುಳಿದ ವರ್ಗಗಳ ಕಲ್ಯಾಣ ಇಲಾಖೆ ಅಧಿಕಾರಿಗಳು, ತಹಶೀಲ್ದಾರರು ಸೇರಿದಂತೆ ವಿವಿಧ ಇಲಾಖೆಗಳ ಅಧಿಕಾರಿಗಳು ಭಾಗವಹಿಸಿದ್ದರು.
----	----	----
